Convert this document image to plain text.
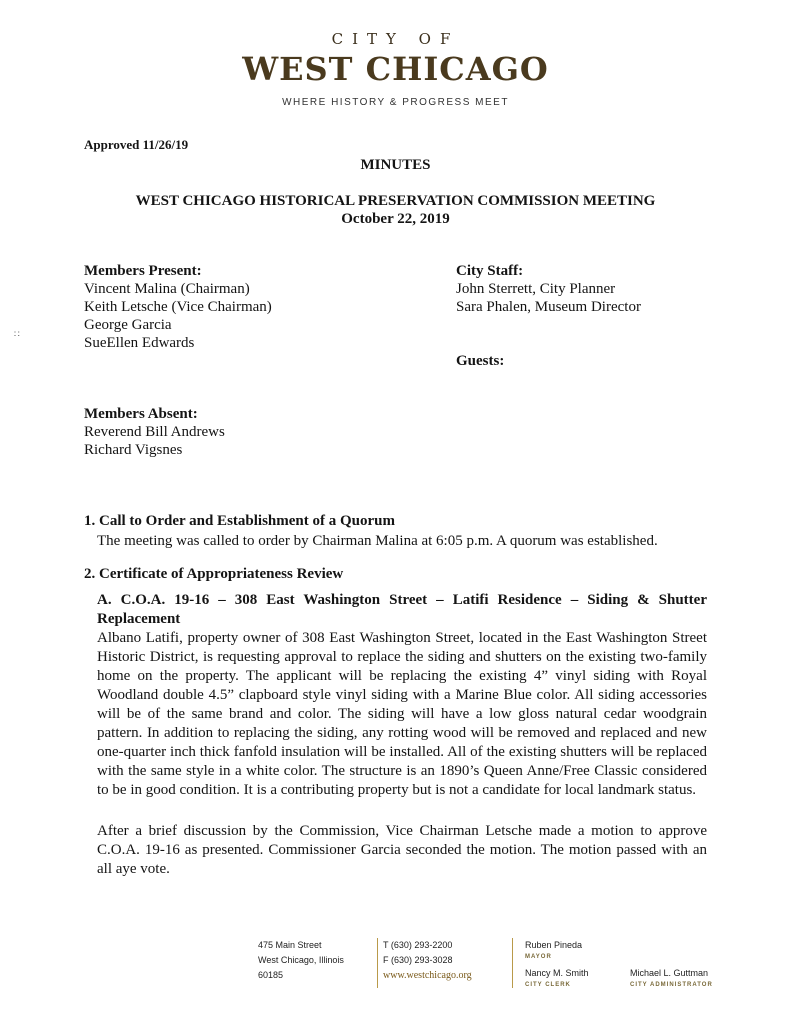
CITY OF
WEST CHICAGO
WHERE HISTORY & PROGRESS MEET
Approved 11/26/19
MINUTES
WEST CHICAGO HISTORICAL PRESERVATION COMMISSION MEETING
October 22, 2019
Members Present:
Vincent Malina (Chairman)
Keith Letsche (Vice Chairman)
George Garcia
SueEllen Edwards
City Staff:
John Sterrett, City Planner
Sara Phalen, Museum Director
Guests:
∷
Members Absent:
Reverend Bill Andrews
Richard Vigsnes
1. Call to Order and Establishment of a Quorum
The meeting was called to order by Chairman Malina at 6:05 p.m. A quorum was established.
2. Certificate of Appropriateness Review
A. C.O.A. 19-16 – 308 East Washington Street – Latifi Residence – Siding & Shutter Replacement
Albano Latifi, property owner of 308 East Washington Street, located in the East Washington Street Historic District, is requesting approval to replace the siding and shutters on the existing two-family home on the property. The applicant will be replacing the existing 4” vinyl siding with Royal Woodland double 4.5” clapboard style vinyl siding with a Marine Blue color. All siding accessories will be of the same brand and color. The siding will have a low gloss natural cedar woodgrain pattern. In addition to replacing the siding, any rotting wood will be removed and replaced and new one-quarter inch thick fanfold insulation will be installed. All of the existing shutters will be replaced with the same style in a white color. The structure is an 1890’s Queen Anne/Free Classic considered to be in good condition. It is a contributing property but is not a candidate for local landmark status.
After a brief discussion by the Commission, Vice Chairman Letsche made a motion to approve C.O.A. 19-16 as presented. Commissioner Garcia seconded the motion. The motion passed with an all aye vote.
475 Main Street
West Chicago, Illinois
60185
T (630) 293-2200
F (630) 293-3028
www.westchicago.org
Ruben Pineda
MAYOR
Nancy M. Smith
CITY CLERK
Michael L. Guttman
CITY ADMINISTRATOR
